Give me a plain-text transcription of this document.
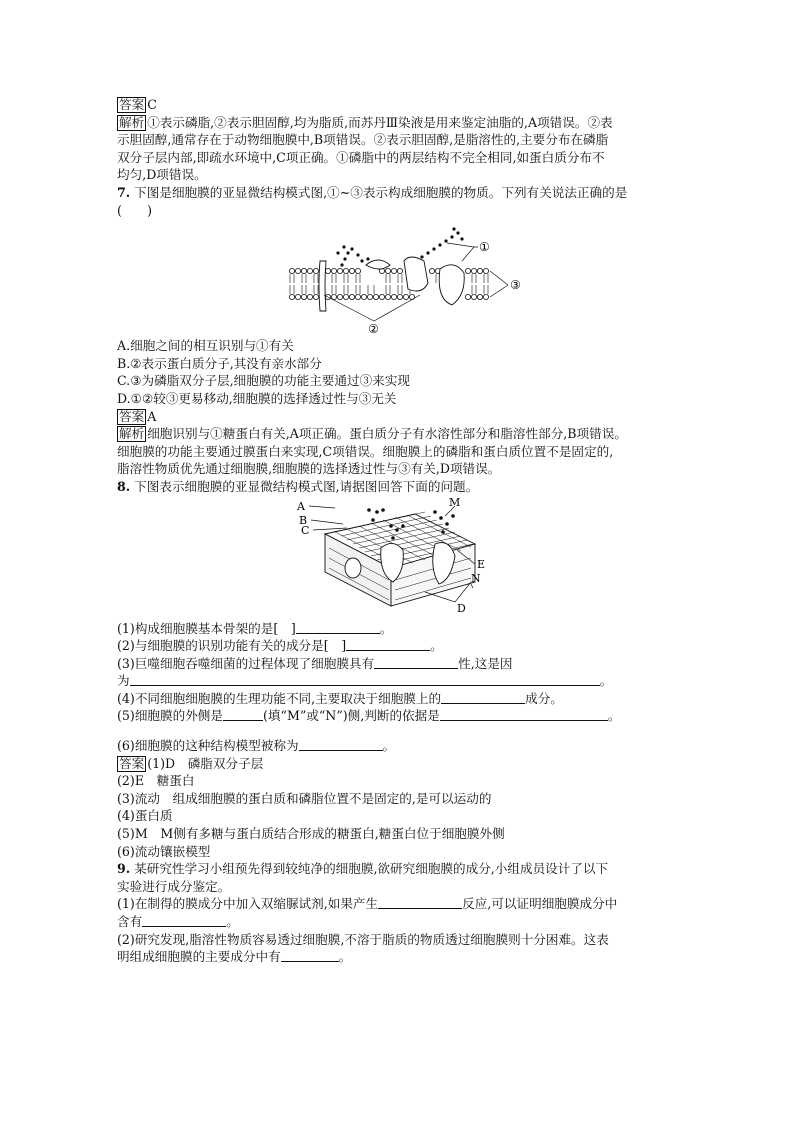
答案 C
解析 ①表示磷脂,②表示胆固醇,均为脂质,而苏丹Ⅲ染液是用来鉴定油脂的,A项错误。②表
示胆固醇,通常存在于动物细胞膜中,B项错误。②表示胆固醇,是脂溶性的,主要分布在磷脂
双分子层内部,即疏水环境中,C项正确。①磷脂中的两层结构不完全相同,如蛋白质分布不
均匀,D项错误。
7. 下图是细胞膜的亚显微结构模式图,①~③表示构成细胞膜的物质。下列有关说法正确的是
(　　)
①
③
②
A.细胞之间的相互识别与①有关
B.②表示蛋白质分子,其没有亲水部分
C.③为磷脂双分子层,细胞膜的功能主要通过③来实现
D.①②较③更易移动,细胞膜的选择透过性与③无关
答案 A
解析 细胞识别与①糖蛋白有关,A项正确。蛋白质分子有水溶性部分和脂溶性部分,B项错误。
细胞膜的功能主要通过膜蛋白来实现,C项错误。细胞膜上的磷脂和蛋白质位置不是固定的,
脂溶性物质优先通过细胞膜,细胞膜的选择透过性与③有关,D项错误。
8. 下图表示细胞膜的亚显微结构模式图,请据图回答下面的问题。
A
B
C
M
E
N
D
(1)构成细胞膜基本骨架的是[　]	。
(2)与细胞膜的识别功能有关的成分是[　]	。
(3)巨噬细胞吞噬细菌的过程体现了细胞膜具有	性,这是因
为	。
(4)不同细胞细胞膜的生理功能不同,主要取决于细胞膜上的	成分。
(5)细胞膜的外侧是	(填“M”或“N”)侧,判断的依据是	。
(6)细胞膜的这种结构模型被称为	。
答案 (1)D　磷脂双分子层
(2)E　糖蛋白
(3)流动　组成细胞膜的蛋白质和磷脂位置不是固定的,是可以运动的
(4)蛋白质
(5)M　M侧有多糖与蛋白质结合形成的糖蛋白,糖蛋白位于细胞膜外侧
(6)流动镶嵌模型
9. 某研究性学习小组预先得到较纯净的细胞膜,欲研究细胞膜的成分,小组成员设计了以下
实验进行成分鉴定。
(1)在制得的膜成分中加入双缩脲试剂,如果产生	反应,可以证明细胞膜成分中
含有	。
(2)研究发现,脂溶性物质容易透过细胞膜,不溶于脂质的物质透过细胞膜则十分困难。这表
明组成细胞膜的主要成分中有	。
